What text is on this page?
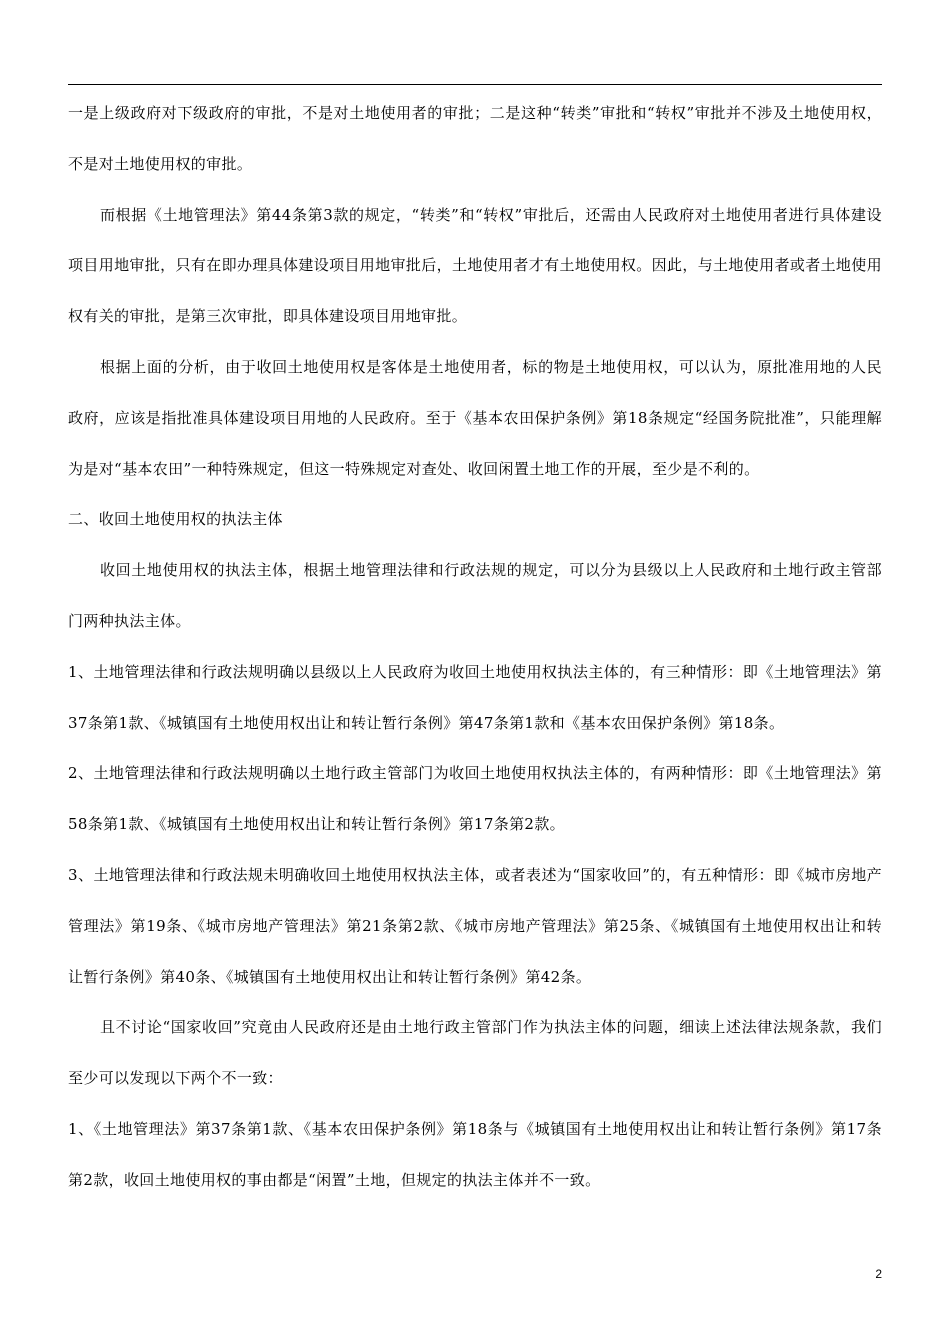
一是上级政府对下级政府的审批，不是对土地使用者的审批；二是这种“转类”审批和“转权”审批并不涉及土地使用权，不是对土地使用权的审批。

而根据《土地管理法》第44条第3款的规定，“转类”和“转权”审批后，还需由人民政府对土地使用者进行具体建设项目用地审批，只有在即办理具体建设项目用地审批后，土地使用者才有土地使用权。因此，与土地使用者或者土地使用权有关的审批，是第三次审批，即具体建设项目用地审批。

根据上面的分析，由于收回土地使用权是客体是土地使用者，标的物是土地使用权，可以认为，原批准用地的人民政府，应该是指批准具体建设项目用地的人民政府。至于《基本农田保护条例》第18条规定“经国务院批准”，只能理解为是对“基本农田”一种特殊规定，但这一特殊规定对查处、收回闲置土地工作的开展，至少是不利的。

二、收回土地使用权的执法主体

收回土地使用权的执法主体，根据土地管理法律和行政法规的规定，可以分为县级以上人民政府和土地行政主管部门两种执法主体。

1、土地管理法律和行政法规明确以县级以上人民政府为收回土地使用权执法主体的，有三种情形：即《土地管理法》第37条第1款、《城镇国有土地使用权出让和转让暂行条例》第47条第1款和《基本农田保护条例》第18条。

2、土地管理法律和行政法规明确以土地行政主管部门为收回土地使用权执法主体的，有两种情形：即《土地管理法》第58条第1款、《城镇国有土地使用权出让和转让暂行条例》第17条第2款。

3、土地管理法律和行政法规未明确收回土地使用权执法主体，或者表述为“国家收回”的，有五种情形：即《城市房地产管理法》第19条、《城市房地产管理法》第21条第2款、《城市房地产管理法》第25条、《城镇国有土地使用权出让和转让暂行条例》第40条、《城镇国有土地使用权出让和转让暂行条例》第42条。

且不讨论“国家收回”究竟由人民政府还是由土地行政主管部门作为执法主体的问题，细读上述法律法规条款，我们至少可以发现以下两个不一致：

1、《土地管理法》第37条第1款、《基本农田保护条例》第18条与《城镇国有土地使用权出让和转让暂行条例》第17条第2款，收回土地使用权的事由都是“闲置”土地，但规定的执法主体并不一致。

2
